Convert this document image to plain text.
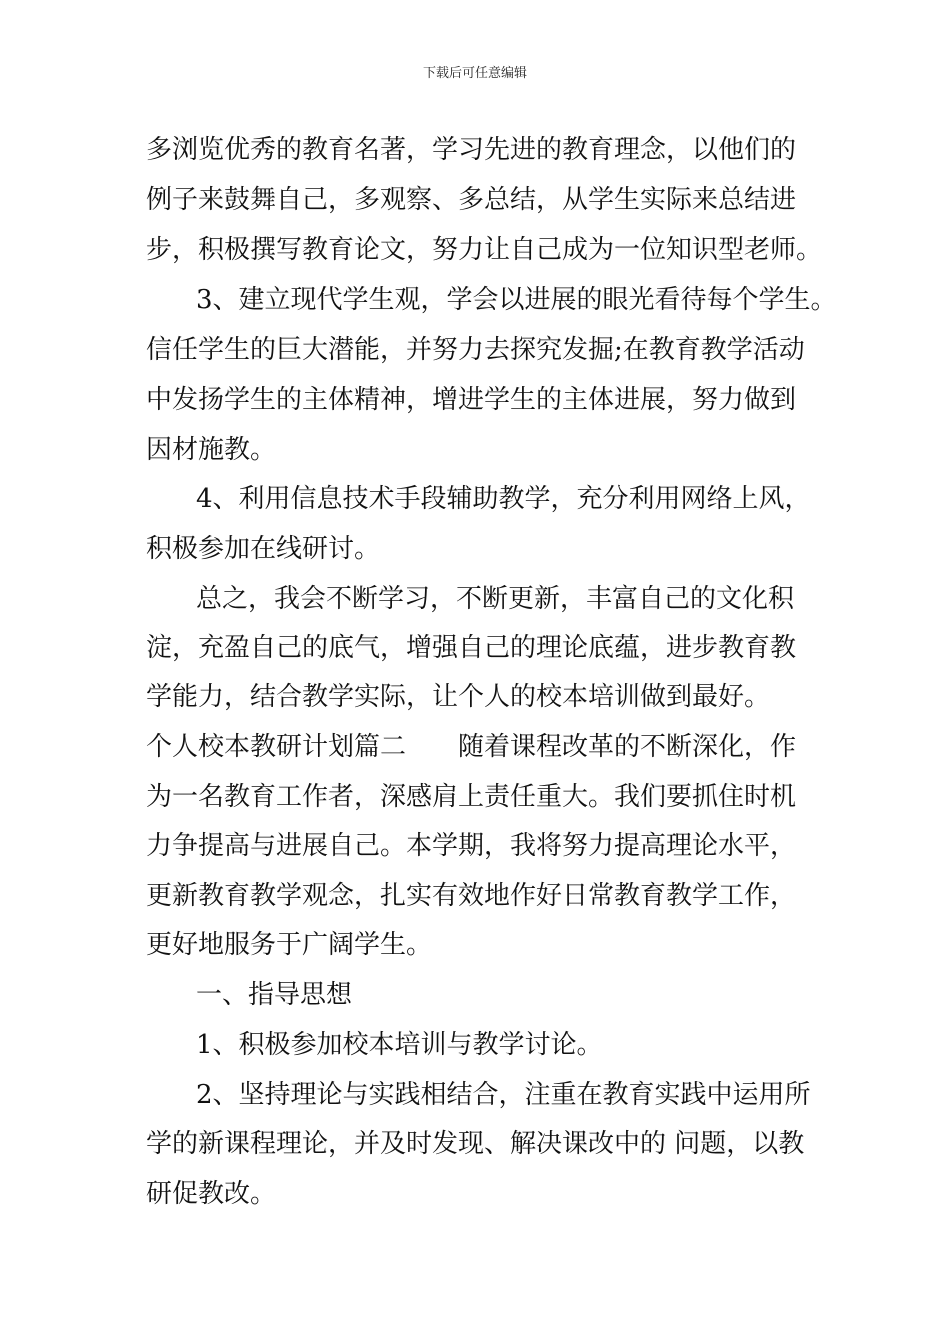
下载后可任意编辑
多浏览优秀的教育名著，学习先进的教育理念，以他们的
例子来鼓舞自己，多观察、多总结，从学生实际来总结进
步，积极撰写教育论文，努力让自己成为一位知识型老师。
3、建立现代学生观，学会以进展的眼光看待每个学生。
信任学生的巨大潜能，并努力去探究发掘;在教育教学活动
中发扬学生的主体精神，增进学生的主体进展，努力做到
因材施教。
4、利用信息技术手段辅助教学，充分利用网络上风，
积极参加在线研讨。
总之，我会不断学习，不断更新，丰富自己的文化积
淀，充盈自己的底气，增强自己的理论底蕴，进步教育教
学能力，结合教学实际，让个人的校本培训做到最好。
个人校本教研计划篇二　　随着课程改革的不断深化，作
为一名教育工作者，深感肩上责任重大。我们要抓住时机
力争提高与进展自己。本学期，我将努力提高理论水平，
更新教育教学观念，扎实有效地作好日常教育教学工作，
更好地服务于广阔学生。
一、指导思想
1、积极参加校本培训与教学讨论。
2、坚持理论与实践相结合，注重在教育实践中运用所
学的新课程理论，并及时发现、解决课改中的 问题，以教
研促教改。
